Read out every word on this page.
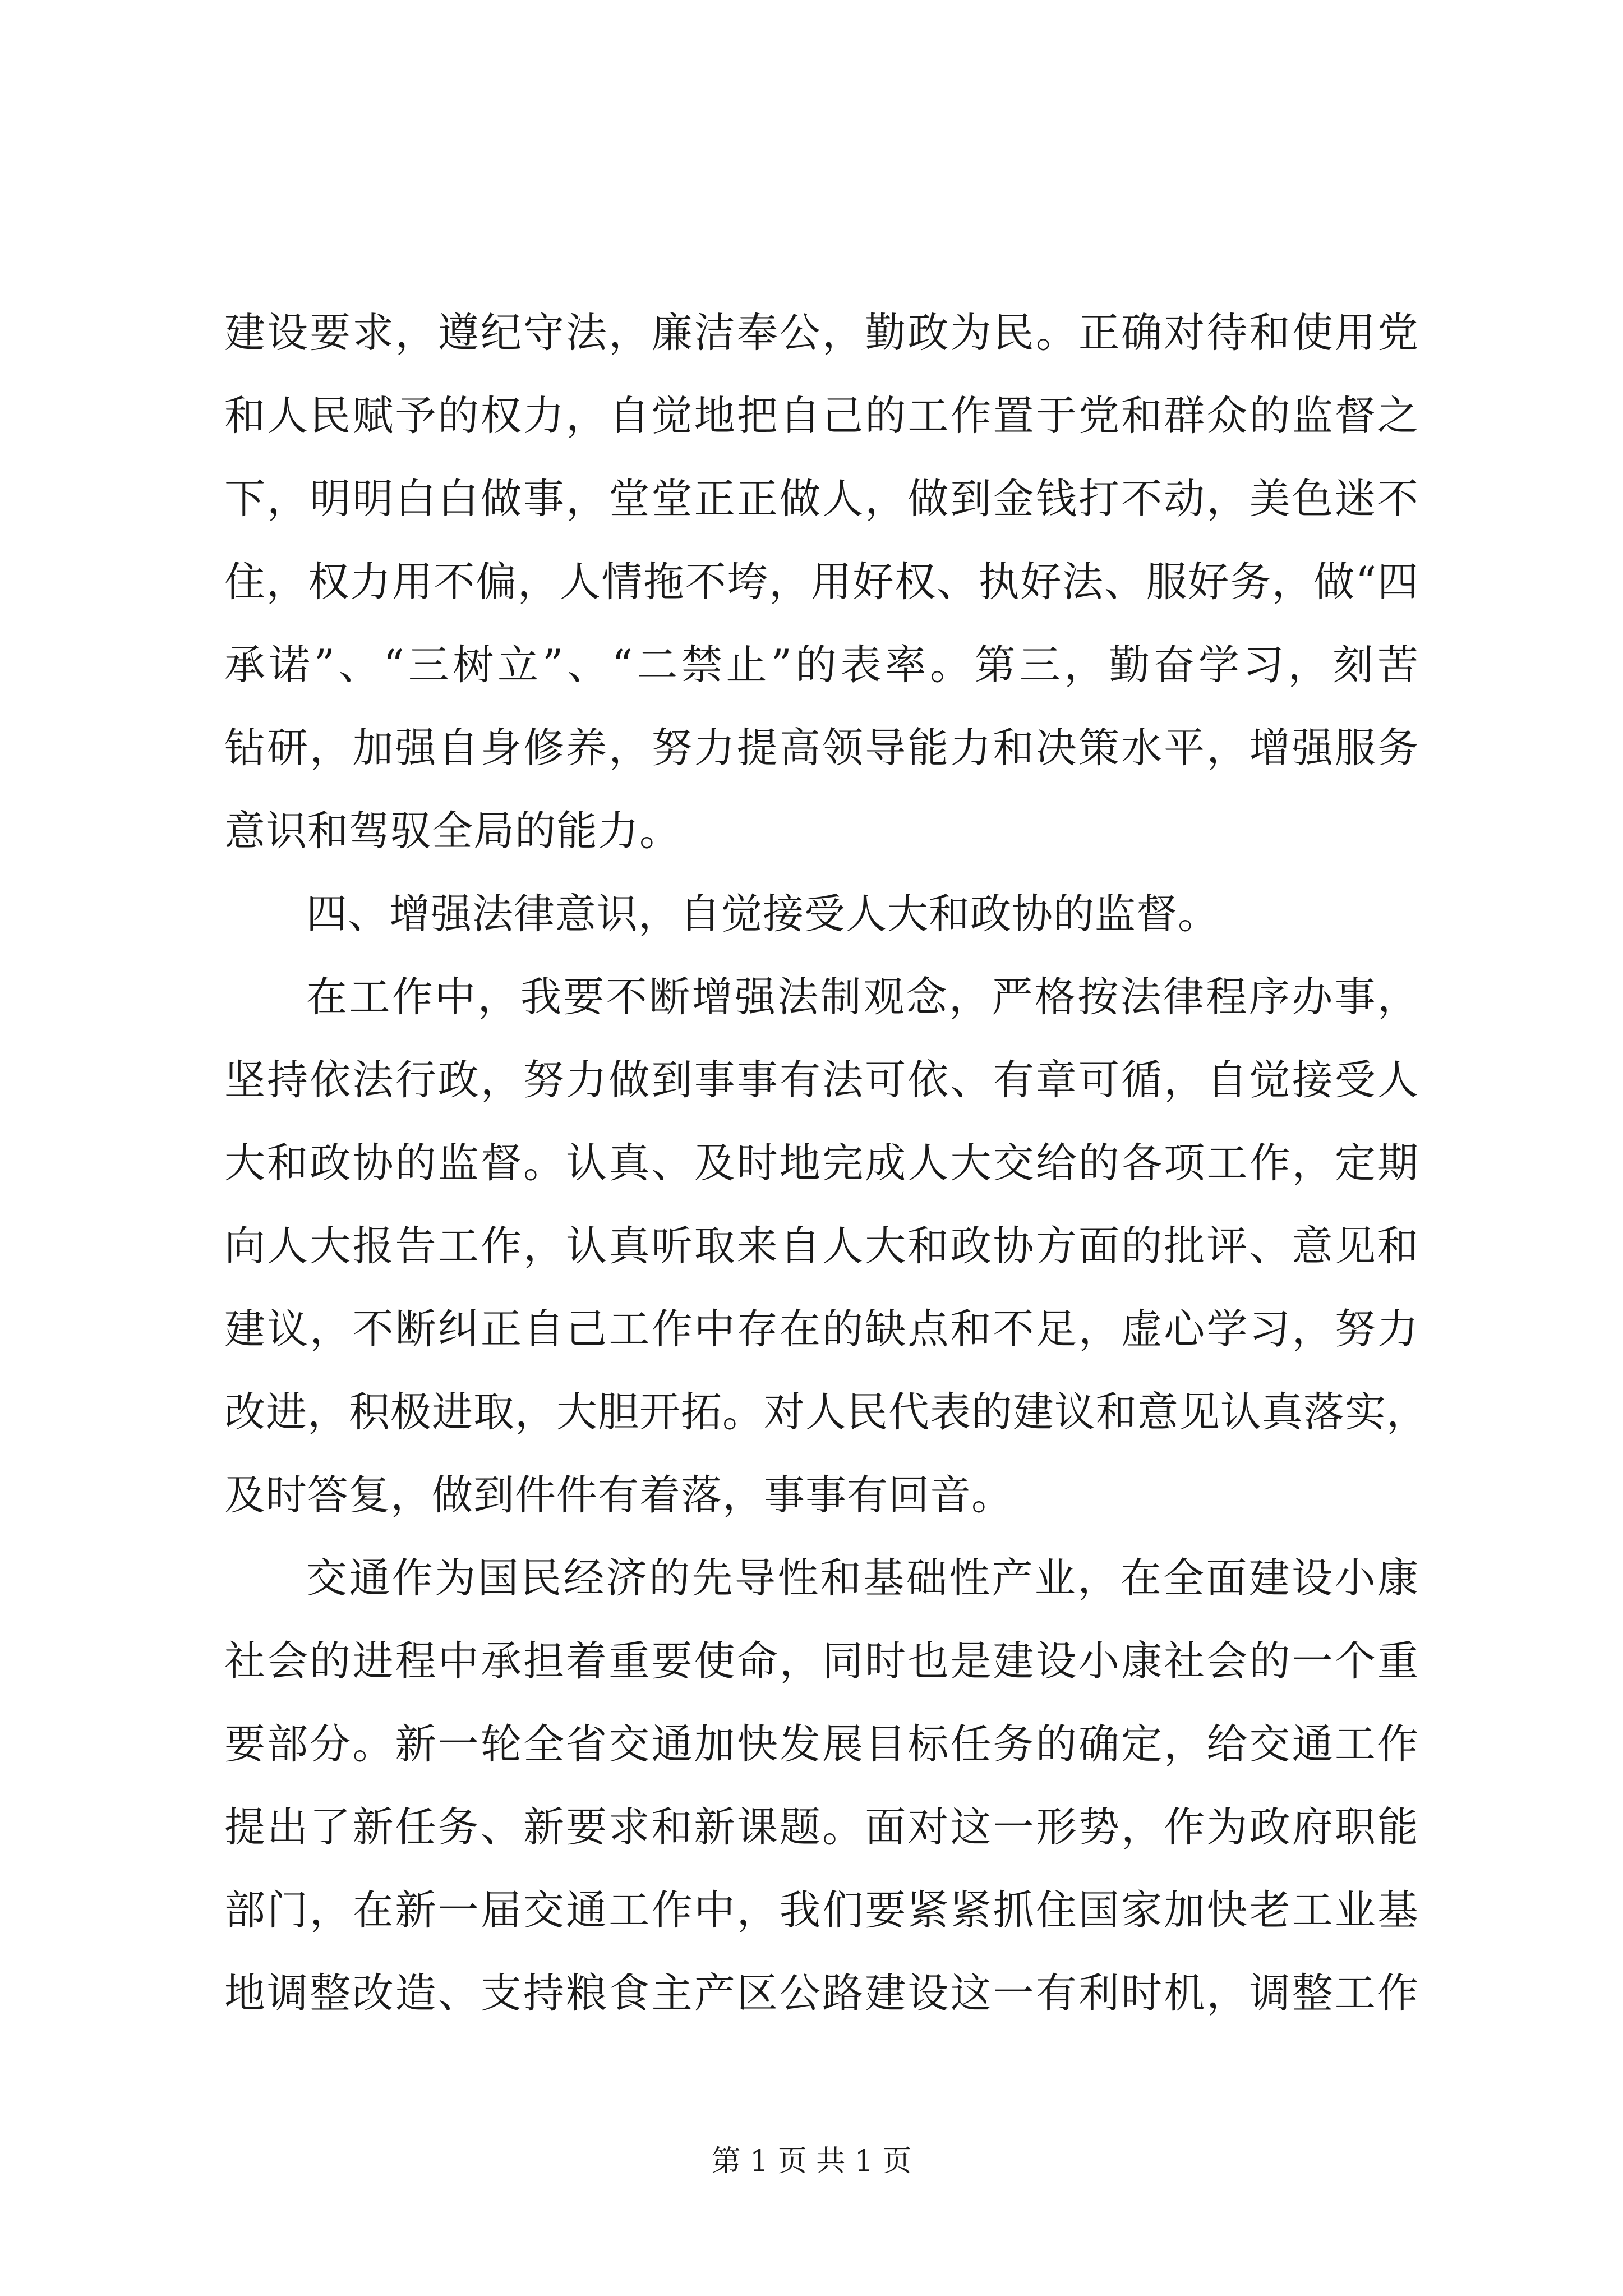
建设要求，遵纪守法，廉洁奉公，勤政为民。正确对待和使用党
和人民赋予的权力，自觉地把自己的工作置于党和群众的监督之
下，明明白白做事，堂堂正正做人，做到金钱打不动，美色迷不
住，权力用不偏，人情拖不垮，用好权、执好法、服好务，做“四
承诺”、“三树立”、“二禁止”的表率。第三，勤奋学习，刻苦
钻研，加强自身修养，努力提高领导能力和决策水平，增强服务
意识和驾驭全局的能力。
四、增强法律意识，自觉接受人大和政协的监督。
在工作中，我要不断增强法制观念，严格按法律程序办事，
坚持依法行政，努力做到事事有法可依、有章可循，自觉接受人
大和政协的监督。认真、及时地完成人大交给的各项工作，定期
向人大报告工作，认真听取来自人大和政协方面的批评、意见和
建议，不断纠正自己工作中存在的缺点和不足，虚心学习，努力
改进，积极进取，大胆开拓。对人民代表的建议和意见认真落实，
及时答复，做到件件有着落，事事有回音。
交通作为国民经济的先导性和基础性产业，在全面建设小康
社会的进程中承担着重要使命，同时也是建设小康社会的一个重
要部分。新一轮全省交通加快发展目标任务的确定，给交通工作
提出了新任务、新要求和新课题。面对这一形势，作为政府职能
部门，在新一届交通工作中，我们要紧紧抓住国家加快老工业基
地调整改造、支持粮食主产区公路建设这一有利时机，调整工作
第 1 页 共 1 页
